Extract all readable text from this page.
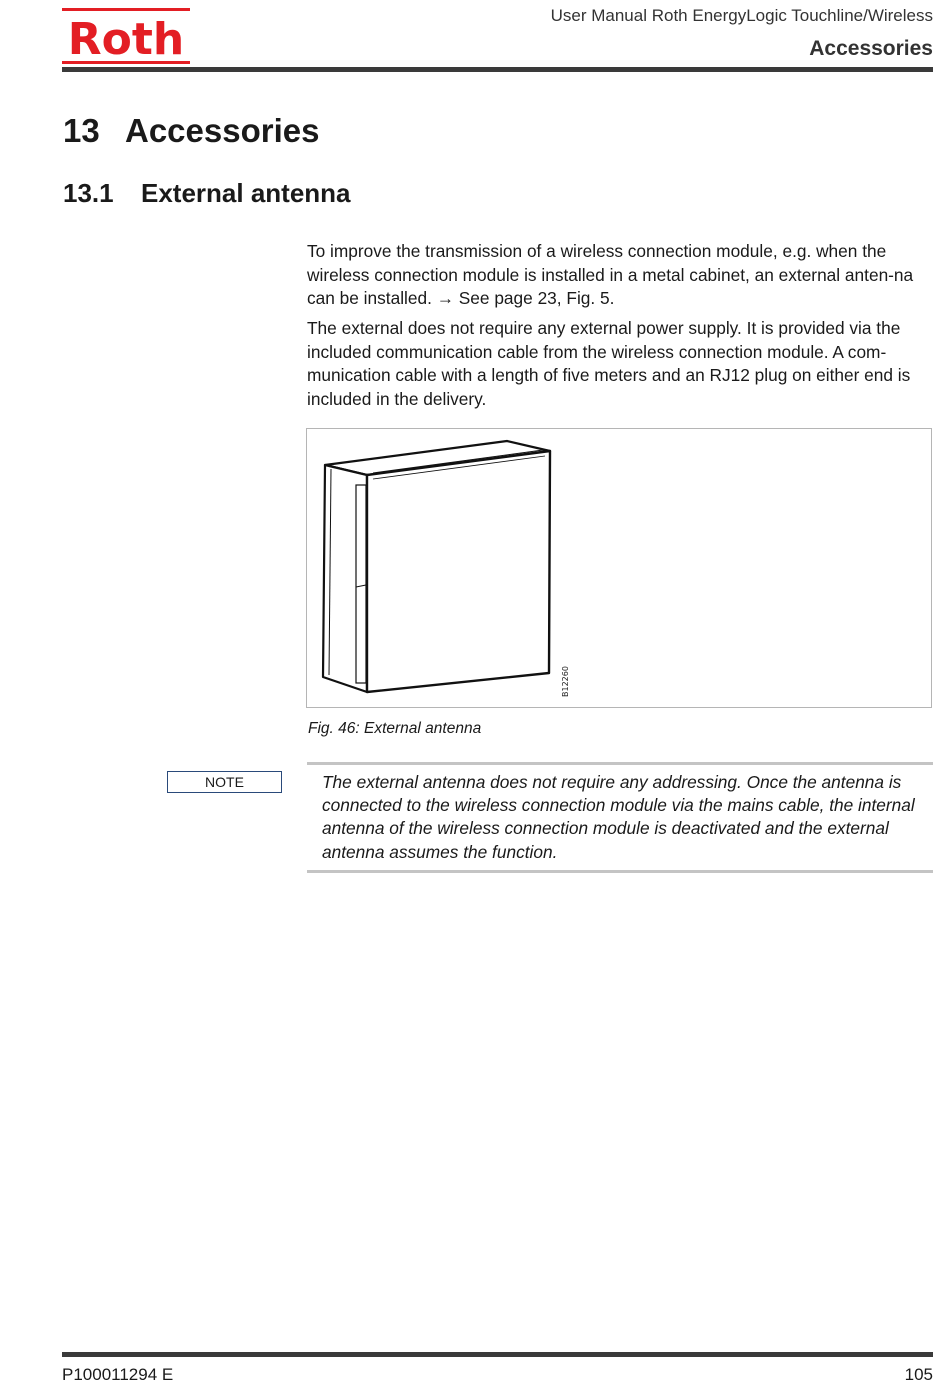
Roth	User Manual Roth EnergyLogic Touchline/Wireless
Accessories
13 Accessories
13.1 External antenna

To improve the transmission of a wireless connection module, e.g. when the wireless connection module is installed in a metal cabinet, an external anten-na can be installed. → See page 23, Fig. 5.

The external does not require any external power supply. It is provided via the included communication cable from the wireless connection module. A com-munication cable with a length of five meters and an RJ12 plug on either end is included in the delivery.

B12260
Fig. 46: External antenna
NOTE	The external antenna does not require any addressing. Once the antenna is connected to the wireless connection module via the mains cable, the internal antenna of the wireless connection module is deactivated and the external antenna assumes the function.

P100011294 E	105
